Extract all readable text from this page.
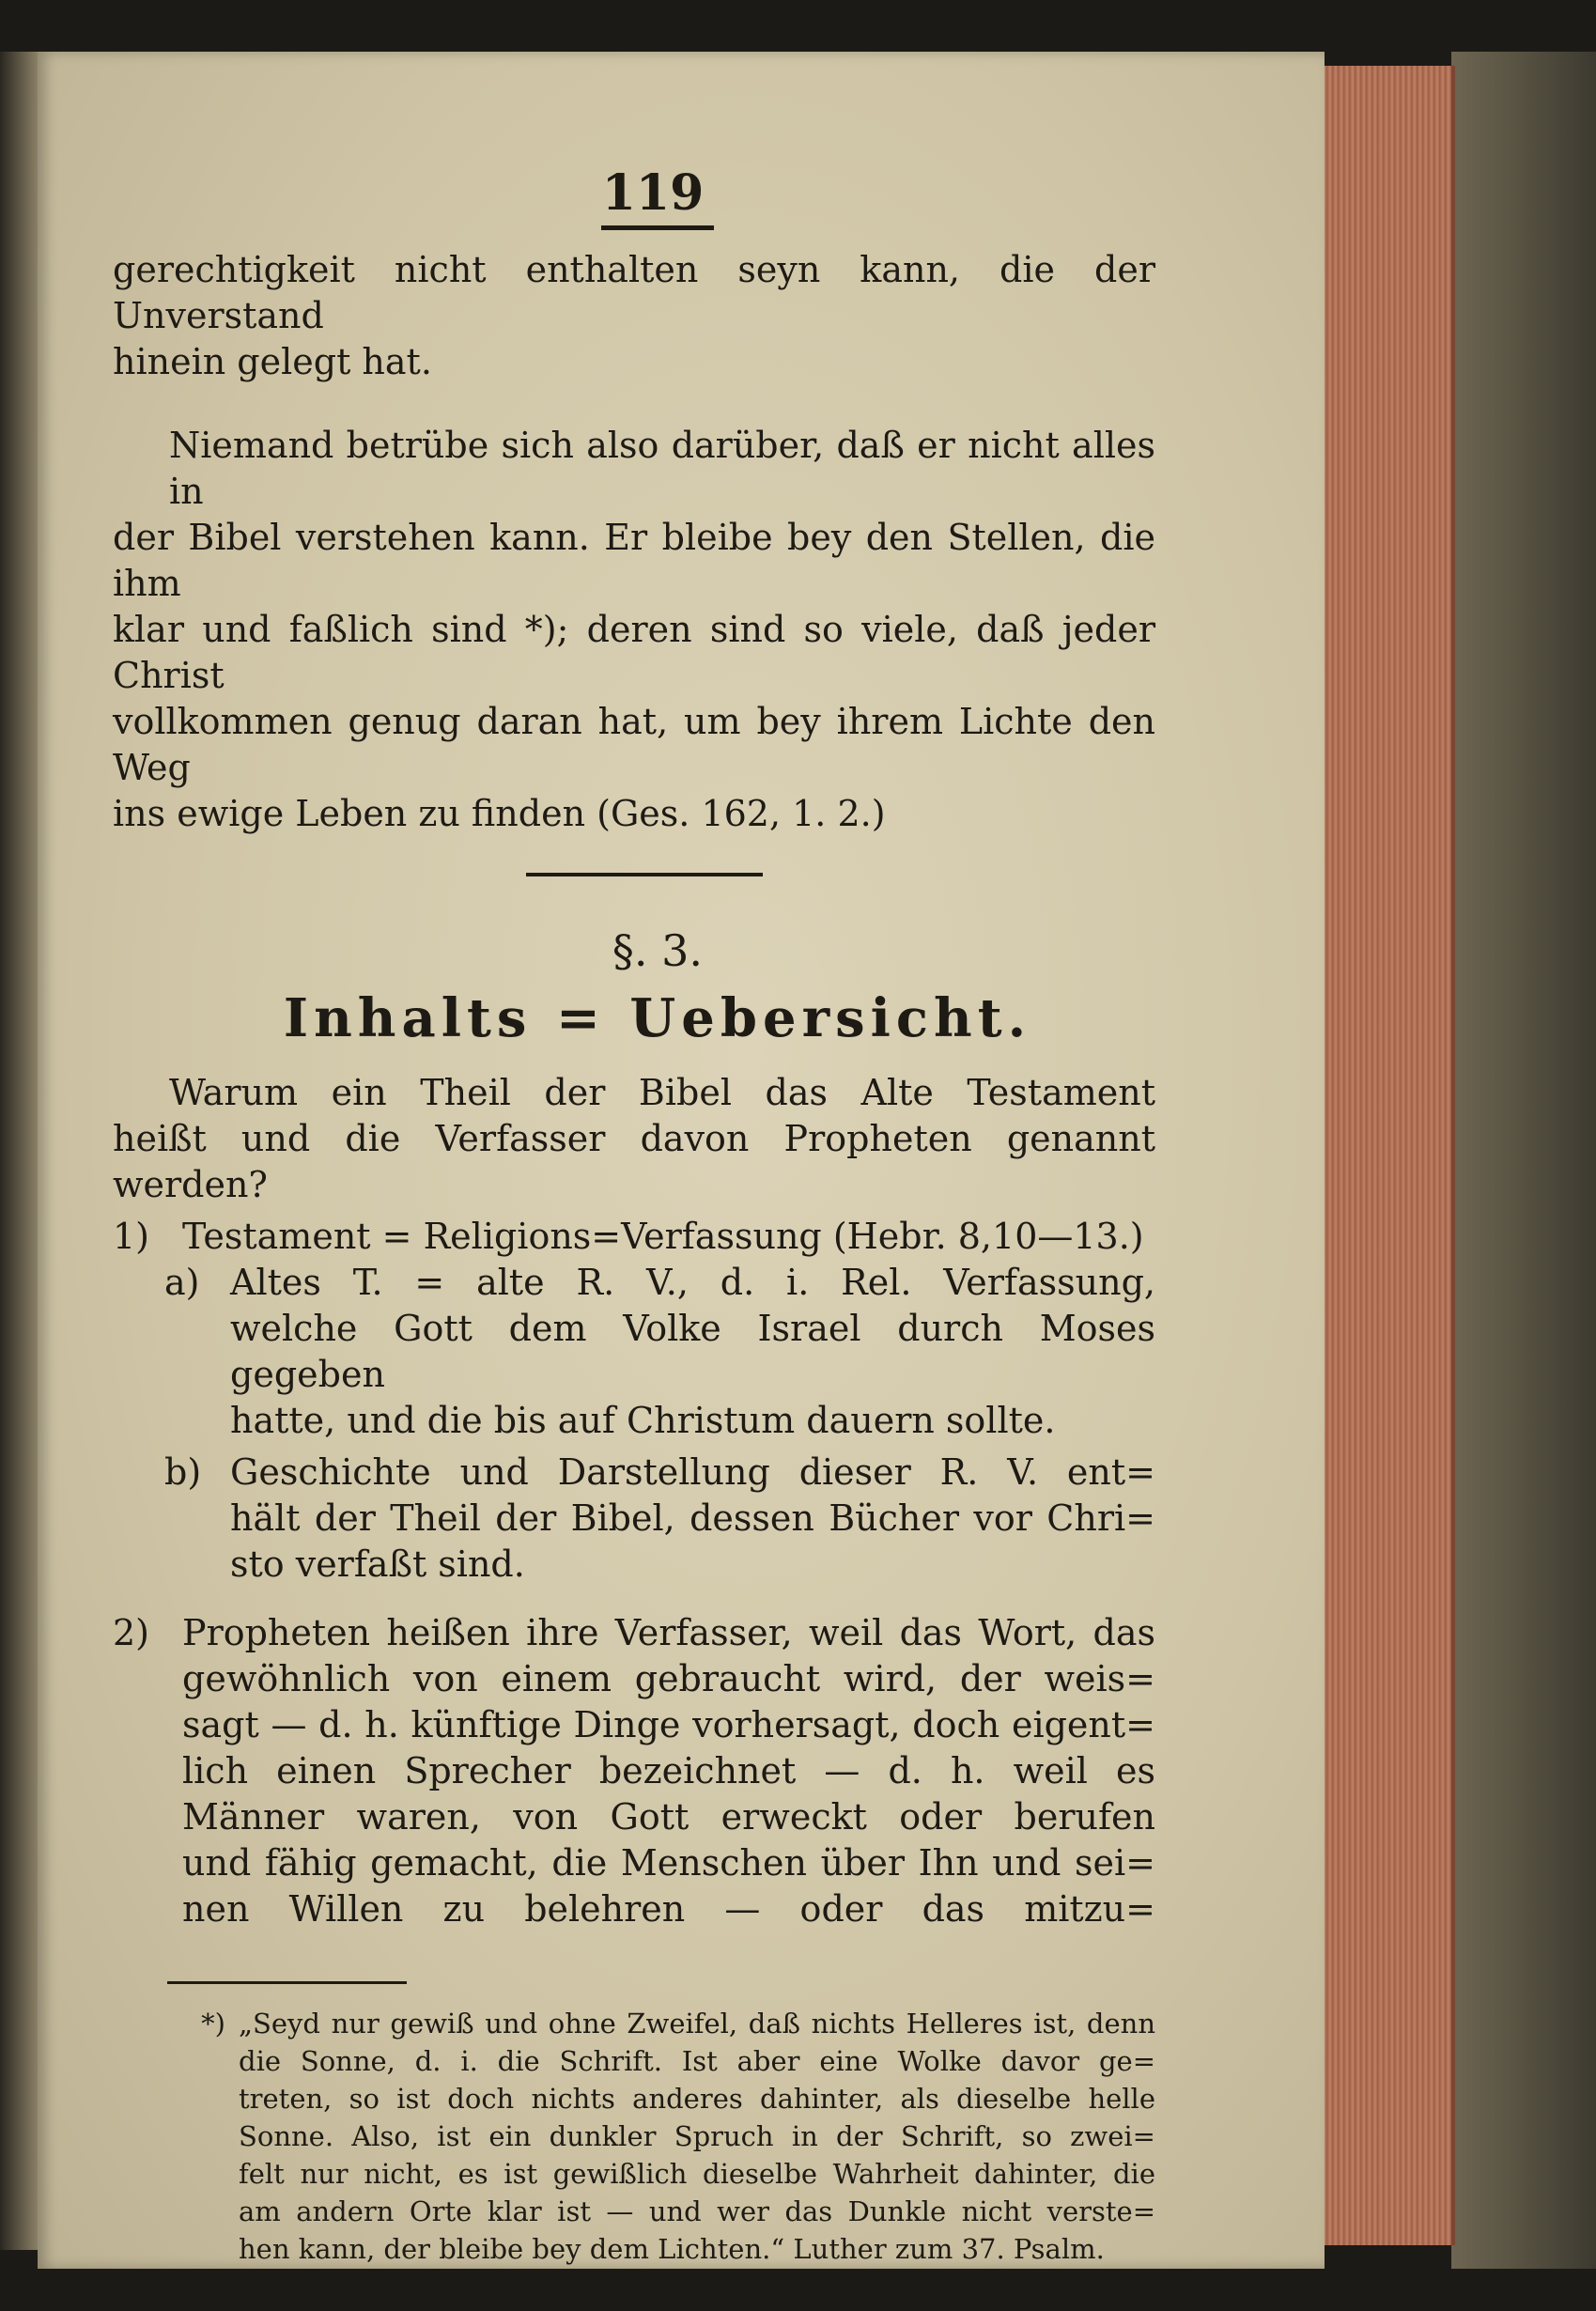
119
gerechtigkeit nicht enthalten seyn kann, die der Unverstand
hinein gelegt hat.
Niemand betrübe sich also darüber, daß er nicht alles in
der Bibel verstehen kann. Er bleibe bey den Stellen, die ihm
klar und faßlich sind *); deren sind so viele, daß jeder Christ
vollkommen genug daran hat, um bey ihrem Lichte den Weg
ins ewige Leben zu finden (Ges. 162, 1. 2.)
§. 3.
Inhalts = Uebersicht.
Warum ein Theil der Bibel das Alte Testament
heißt und die Verfasser davon Propheten genannt werden?
1) Testament = Religions=Verfassung (Hebr. 8,10—13.)
a) Altes T. = alte R. V., d. i. Rel. Verfassung,
welche Gott dem Volke Israel durch Moses gegeben
hatte, und die bis auf Christum dauern sollte.
b) Geschichte und Darstellung dieser R. V. ent=
hält der Theil der Bibel, dessen Bücher vor Chri=
sto verfaßt sind.
2) Propheten heißen ihre Verfasser, weil das Wort, das
gewöhnlich von einem gebraucht wird, der weis=
sagt — d. h. künftige Dinge vorhersagt, doch eigent=
lich einen Sprecher bezeichnet — d. h. weil es
Männer waren, von Gott erweckt oder berufen
und fähig gemacht, die Menschen über Ihn und sei=
nen Willen zu belehren — oder das mitzu=
*) „Seyd nur gewiß und ohne Zweifel, daß nichts Helleres ist, denn
die Sonne, d. i. die Schrift. Ist aber eine Wolke davor ge=
treten, so ist doch nichts anderes dahinter, als dieselbe helle
Sonne. Also, ist ein dunkler Spruch in der Schrift, so zwei=
felt nur nicht, es ist gewißlich dieselbe Wahrheit dahinter, die
am andern Orte klar ist — und wer das Dunkle nicht verste=
hen kann, der bleibe bey dem Lichten.“ Luther zum 37. Psalm.
